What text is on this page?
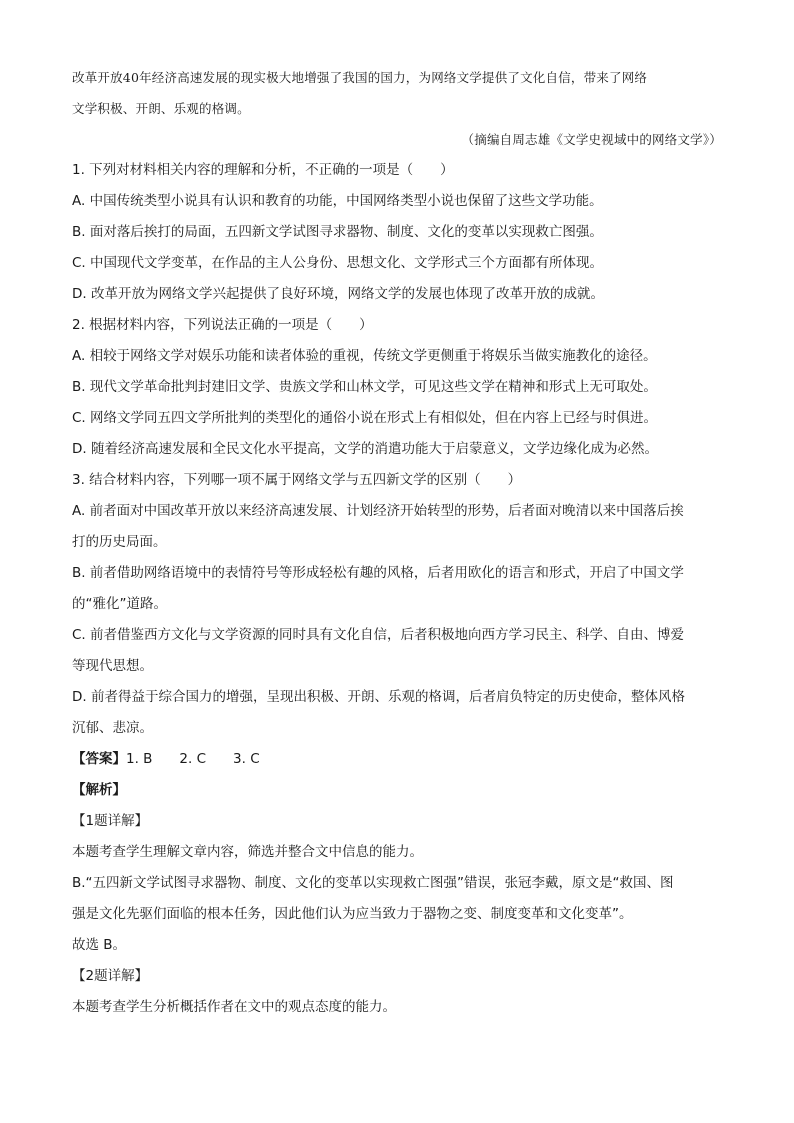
改革开放40年经济高速发展的现实极大地增强了我国的国力，为网络文学提供了文化自信，带来了网络
文学积极、开朗、乐观的格调。
（摘编自周志雄《文学史视域中的网络文学》）
1. 下列对材料相关内容的理解和分析，不正确的一项是（　　）
A. 中国传统类型小说具有认识和教育的功能，中国网络类型小说也保留了这些文学功能。
B. 面对落后挨打的局面，五四新文学试图寻求器物、制度、文化的变革以实现救亡图强。
C. 中国现代文学变革，在作品的主人公身份、思想文化、文学形式三个方面都有所体现。
D. 改革开放为网络文学兴起提供了良好环境，网络文学的发展也体现了改革开放的成就。
2. 根据材料内容，下列说法正确的一项是（　　）
A. 相较于网络文学对娱乐功能和读者体验的重视，传统文学更侧重于将娱乐当做实施教化的途径。
B. 现代文学革命批判封建旧文学、贵族文学和山林文学，可见这些文学在精神和形式上无可取处。
C. 网络文学同五四文学所批判的类型化的通俗小说在形式上有相似处，但在内容上已经与时俱进。
D. 随着经济高速发展和全民文化水平提高，文学的消遣功能大于启蒙意义，文学边缘化成为必然。
3. 结合材料内容，下列哪一项不属于网络文学与五四新文学的区别（　　）
A. 前者面对中国改革开放以来经济高速发展、计划经济开始转型的形势，后者面对晚清以来中国落后挨
打的历史局面。
B. 前者借助网络语境中的表情符号等形成轻松有趣的风格，后者用欧化的语言和形式，开启了中国文学
的“雅化”道路。
C. 前者借鉴西方文化与文学资源的同时具有文化自信，后者积极地向西方学习民主、科学、自由、博爱
等现代思想。
D. 前者得益于综合国力的增强，呈现出积极、开朗、乐观的格调，后者肩负特定的历史使命，整体风格
沉郁、悲凉。
【答案】1. B　　2. C　　3. C
【解析】
【1题详解】
本题考查学生理解文章内容，筛选并整合文中信息的能力。
B.“五四新文学试图寻求器物、制度、文化的变革以实现救亡图强”错误，张冠李戴，原文是“救国、图
强是文化先驱们面临的根本任务，因此他们认为应当致力于器物之变、制度变革和文化变革”。
故选 B。
【2题详解】
本题考查学生分析概括作者在文中的观点态度的能力。
